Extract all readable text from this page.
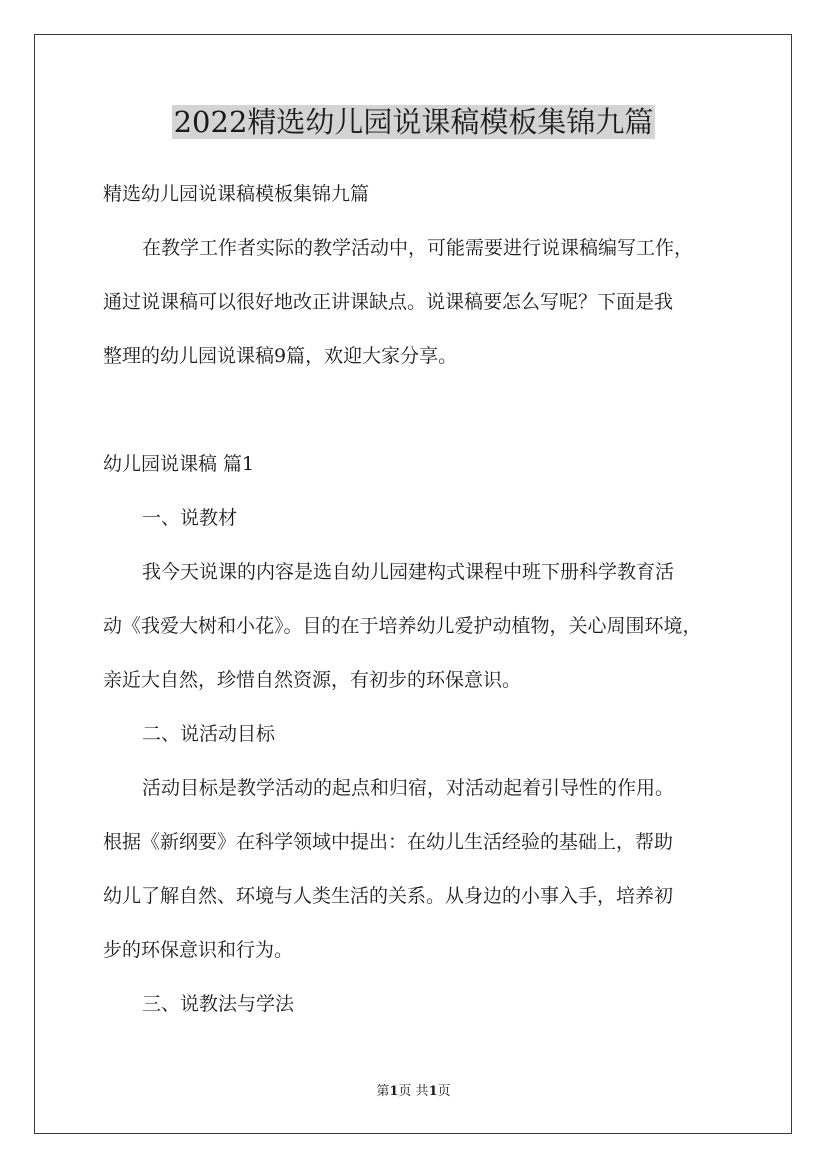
2022精选幼儿园说课稿模板集锦九篇

精选幼儿园说课稿模板集锦九篇

在教学工作者实际的教学活动中，可能需要进行说课稿编写工作，

通过说课稿可以很好地改正讲课缺点。说课稿要怎么写呢？下面是我

整理的幼儿园说课稿9篇，欢迎大家分享。

幼儿园说课稿 篇1

一、说教材

我今天说课的内容是选自幼儿园建构式课程中班下册科学教育活

动《我爱大树和小花》。目的在于培养幼儿爱护动植物，关心周围环境，

亲近大自然，珍惜自然资源，有初步的环保意识。

二、说活动目标

活动目标是教学活动的起点和归宿，对活动起着引导性的作用。

根据《新纲要》在科学领域中提出：在幼儿生活经验的基础上，帮助

幼儿了解自然、环境与人类生活的关系。从身边的小事入手，培养初

步的环保意识和行为。

三、说教法与学法

第1页 共1页
